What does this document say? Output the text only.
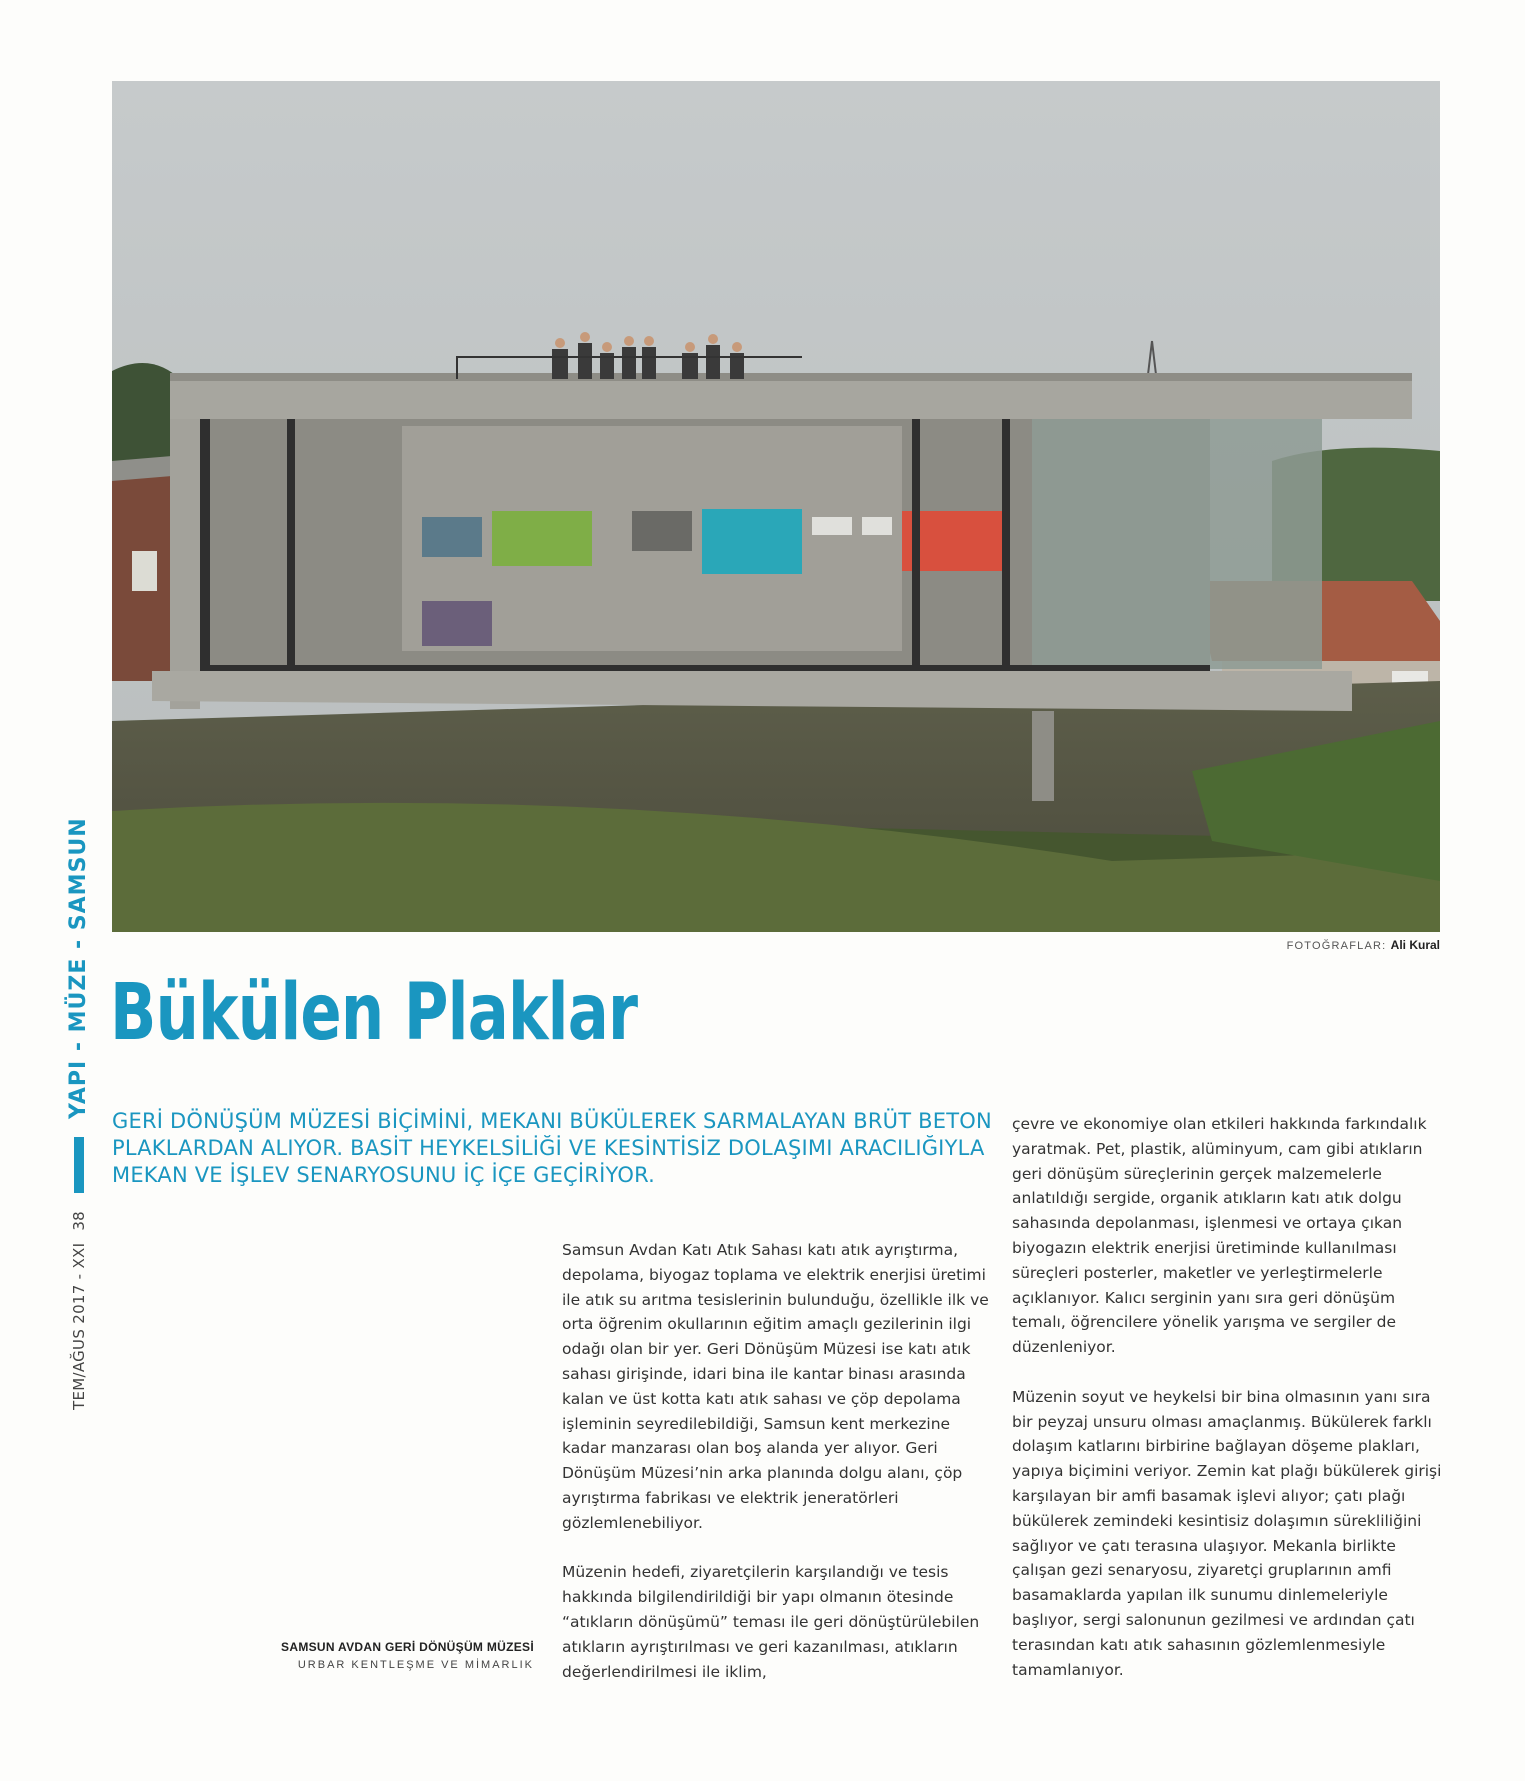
FOTOĞRAFLAR: Ali Kural
TEM/AĞUS 2017 - XXI
38
YAPI - MÜZE - SAMSUN Bükülen Plaklar
GERİ DÖNÜŞÜM MÜZESİ BİÇİMİNİ, MEKANI BÜKÜLEREK SARMALAYAN BRÜT BETON PLAKLARDAN ALIYOR. BASİT HEYKELSİLİĞİ VE KESİNTİSİZ DOLAŞIMI ARACILIĞIYLA MEKAN VE İŞLEV SENARYOSUNU İÇ İÇE GEÇİRİYOR.
SAMSUN AVDAN GERİ DÖNÜŞÜM MÜZESİ
URBAR KENTLEŞME VE MİMARLIK

Samsun Avdan Katı Atık Sahası katı atık ayrıştırma, depolama, biyogaz toplama ve elektrik enerjisi üretimi ile atık su arıtma tesislerinin bulunduğu, özellikle ilk ve orta öğrenim okullarının eğitim amaçlı gezilerinin ilgi odağı olan bir yer. Geri Dönüşüm Müzesi ise katı atık sahası girişinde, idari bina ile kantar binası arasında kalan ve üst kotta katı atık sahası ve çöp depolama işleminin seyredilebildiği, Samsun kent merkezine kadar manzarası olan boş alanda yer alıyor. Geri Dönüşüm Müzesi’nin arka planında dolgu alanı, çöp ayrıştırma fabrikası ve elektrik jeneratörleri gözlemlenebiliyor.

Müzenin hedefi, ziyaretçilerin karşılandığı ve tesis hakkında bilgilendirildiği bir yapı olmanın ötesinde “atıkların dönüşümü” teması ile geri dönüştürülebilen atıkların ayrıştırılması ve geri kazanılması, atıkların değerlendirilmesi ile iklim,

çevre ve ekonomiye olan etkileri hakkında farkındalık yaratmak. Pet, plastik, alüminyum, cam gibi atıkların geri dönüşüm süreçlerinin gerçek malzemelerle anlatıldığı sergide, organik atıkların katı atık dolgu sahasında depolanması, işlenmesi ve ortaya çıkan biyogazın elektrik enerjisi üretiminde kullanılması süreçleri posterler, maketler ve yerleştirmelerle açıklanıyor. Kalıcı serginin yanı sıra geri dönüşüm temalı, öğrencilere yönelik yarışma ve sergiler de düzenleniyor.

Müzenin soyut ve heykelsi bir bina olmasının yanı sıra bir peyzaj unsuru olması amaçlanmış. Bükülerek farklı dolaşım katlarını birbirine bağlayan döşeme plakları, yapıya biçimini veriyor. Zemin kat plağı bükülerek girişi karşılayan bir amfi basamak işlevi alıyor; çatı plağı bükülerek zemindeki kesintisiz dolaşımın sürekliliğini sağlıyor ve çatı terasına ulaşıyor. Mekanla birlikte çalışan gezi senaryosu, ziyaretçi gruplarının amfi basamaklarda yapılan ilk sunumu dinlemeleriyle başlıyor, sergi salonunun gezilmesi ve ardından çatı terasından katı atık sahasının gözlemlenmesiyle tamamlanıyor.
